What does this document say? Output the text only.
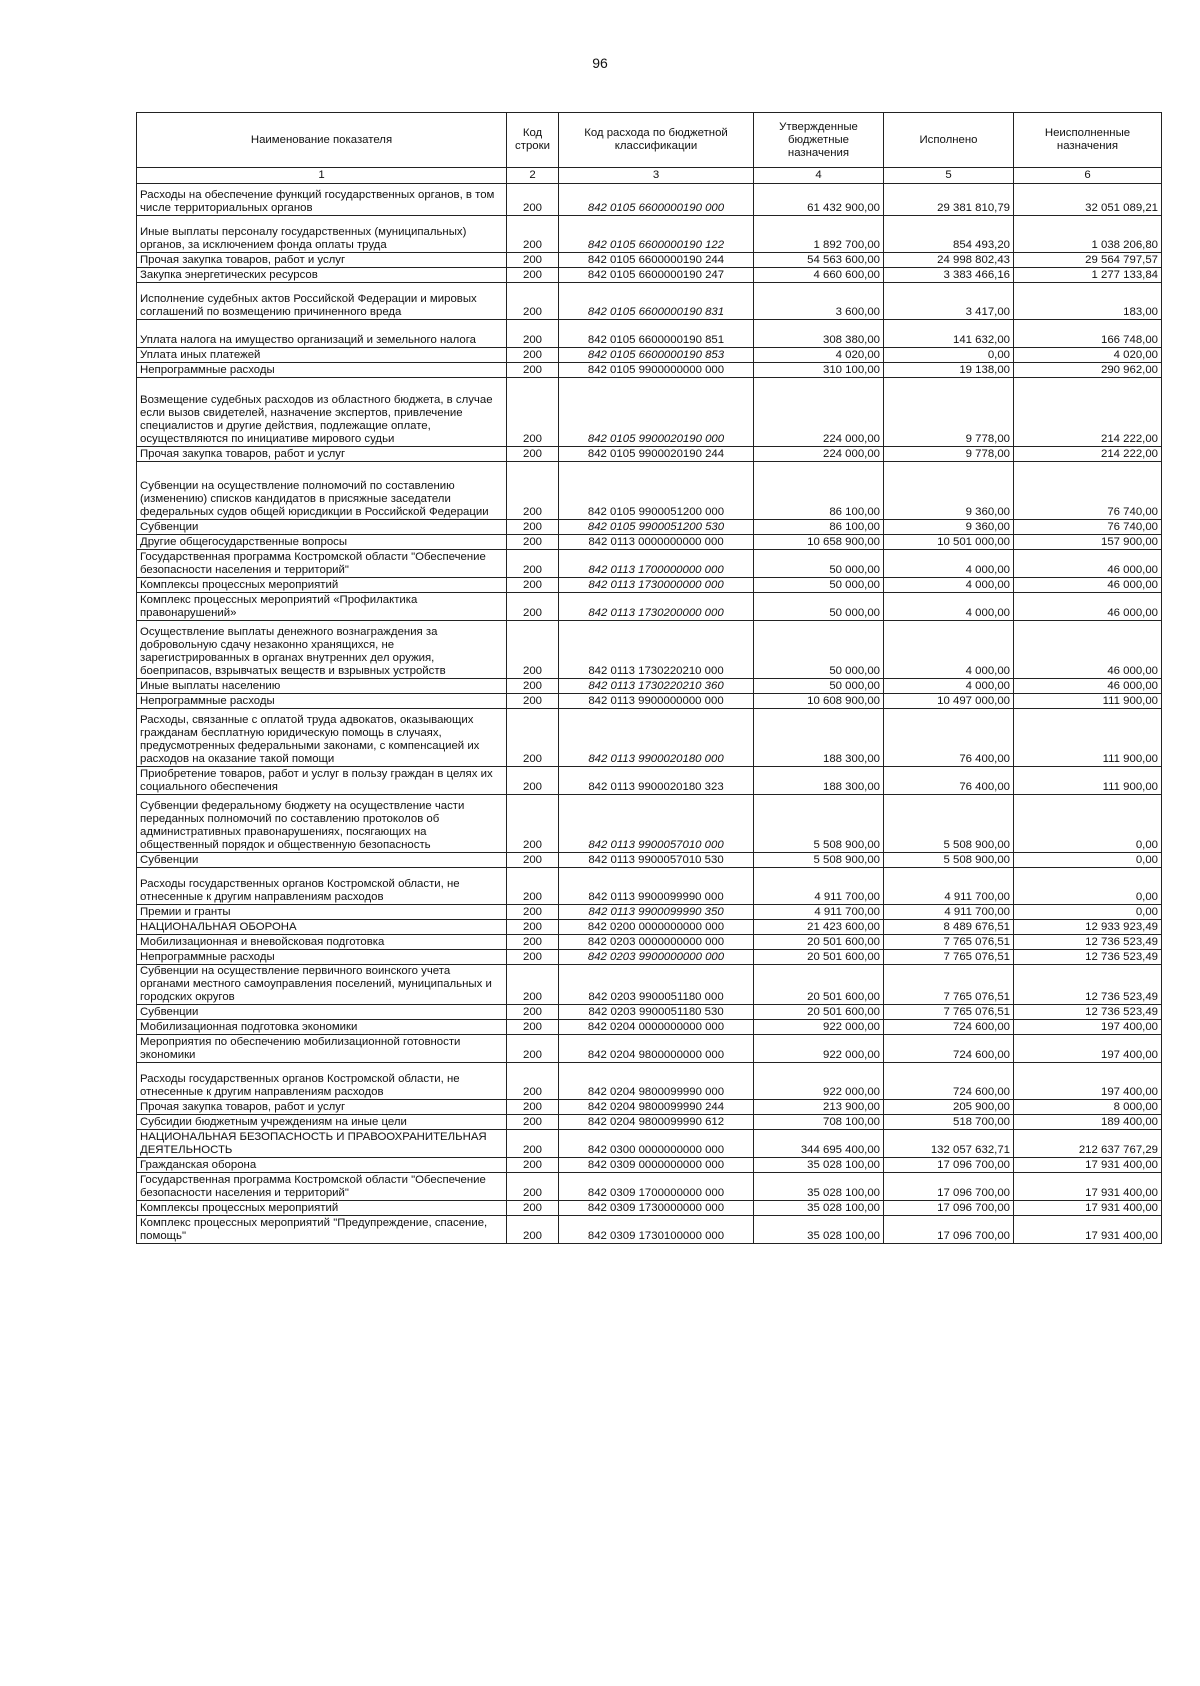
96
Наименование показателя	Код строки	Код расхода по бюджетной классификации	Утвержденные бюджетные назначения	Исполнено	Неисполненные назначения
1	2	3	4	5	6
Расходы на обеспечение функций государственных органов, в том числе территориальных органов	200	842 0105 6600000190 000	61 432 900,00	29 381 810,79	32 051 089,21
Иные выплаты персоналу государственных (муниципальных) органов, за исключением фонда оплаты труда	200	842 0105 6600000190 122	1 892 700,00	854 493,20	1 038 206,80
Прочая закупка товаров, работ и услуг	200	842 0105 6600000190 244	54 563 600,00	24 998 802,43	29 564 797,57
Закупка энергетических ресурсов	200	842 0105 6600000190 247	4 660 600,00	3 383 466,16	1 277 133,84
Исполнение судебных актов Российской Федерации и мировых соглашений по возмещению причиненного вреда	200	842 0105 6600000190 831	3 600,00	3 417,00	183,00
Уплата налога на имущество организаций и земельного налога	200	842 0105 6600000190 851	308 380,00	141 632,00	166 748,00
Уплата иных платежей	200	842 0105 6600000190 853	4 020,00	0,00	4 020,00
Непрограммные расходы	200	842 0105 9900000000 000	310 100,00	19 138,00	290 962,00
Возмещение судебных расходов из областного бюджета, в случае если вызов свидетелей, назначение экспертов, привлечение специалистов и другие действия, подлежащие оплате, осуществляются по инициативе мирового судьи	200	842 0105 9900020190 000	224 000,00	9 778,00	214 222,00
Прочая закупка товаров, работ и услуг	200	842 0105 9900020190 244	224 000,00	9 778,00	214 222,00
Субвенции на осуществление полномочий по составлению (изменению) списков кандидатов в присяжные заседатели федеральных судов общей юрисдикции в Российской Федерации	200	842 0105 9900051200 000	86 100,00	9 360,00	76 740,00
Субвенции	200	842 0105 9900051200 530	86 100,00	9 360,00	76 740,00
Другие общегосударственные вопросы	200	842 0113 0000000000 000	10 658 900,00	10 501 000,00	157 900,00
Государственная программа Костромской области "Обеспечение безопасности населения и территорий"	200	842 0113 1700000000 000	50 000,00	4 000,00	46 000,00
Комплексы процессных мероприятий	200	842 0113 1730000000 000	50 000,00	4 000,00	46 000,00
Комплекс процессных мероприятий «Профилактика правонарушений»	200	842 0113 1730200000 000	50 000,00	4 000,00	46 000,00
Осуществление выплаты денежного вознаграждения за добровольную сдачу незаконно хранящихся, не зарегистрированных в органах внутренних дел оружия, боеприпасов, взрывчатых веществ и взрывных устройств	200	842 0113 1730220210 000	50 000,00	4 000,00	46 000,00
Иные выплаты населению	200	842 0113 1730220210 360	50 000,00	4 000,00	46 000,00
Непрограммные расходы	200	842 0113 9900000000 000	10 608 900,00	10 497 000,00	111 900,00
Расходы, связанные с оплатой труда адвокатов, оказывающих гражданам бесплатную юридическую помощь в случаях, предусмотренных федеральными законами, с компенсацией их расходов на оказание такой помощи	200	842 0113 9900020180 000	188 300,00	76 400,00	111 900,00
Приобретение товаров, работ и услуг в пользу граждан в целях их социального обеспечения	200	842 0113 9900020180 323	188 300,00	76 400,00	111 900,00
Субвенции федеральному бюджету на осуществление части переданных полномочий по составлению протоколов об административных правонарушениях, посягающих на общественный порядок и общественную безопасность	200	842 0113 9900057010 000	5 508 900,00	5 508 900,00	0,00
Субвенции	200	842 0113 9900057010 530	5 508 900,00	5 508 900,00	0,00
Расходы государственных органов Костромской области, не отнесенные к другим направлениям расходов	200	842 0113 9900099990 000	4 911 700,00	4 911 700,00	0,00
Премии и гранты	200	842 0113 9900099990 350	4 911 700,00	4 911 700,00	0,00
НАЦИОНАЛЬНАЯ ОБОРОНА	200	842 0200 0000000000 000	21 423 600,00	8 489 676,51	12 933 923,49
Мобилизационная и вневойсковая подготовка	200	842 0203 0000000000 000	20 501 600,00	7 765 076,51	12 736 523,49
Непрограммные расходы	200	842 0203 9900000000 000	20 501 600,00	7 765 076,51	12 736 523,49
Субвенции на осуществление первичного воинского учета органами местного самоуправления поселений, муниципальных и городских округов	200	842 0203 9900051180 000	20 501 600,00	7 765 076,51	12 736 523,49
Субвенции	200	842 0203 9900051180 530	20 501 600,00	7 765 076,51	12 736 523,49
Мобилизационная подготовка экономики	200	842 0204 0000000000 000	922 000,00	724 600,00	197 400,00
Мероприятия по обеспечению мобилизационной готовности экономики	200	842 0204 9800000000 000	922 000,00	724 600,00	197 400,00
Расходы государственных органов Костромской области, не отнесенные к другим направлениям расходов	200	842 0204 9800099990 000	922 000,00	724 600,00	197 400,00
Прочая закупка товаров, работ и услуг	200	842 0204 9800099990 244	213 900,00	205 900,00	8 000,00
Субсидии бюджетным учреждениям на иные цели	200	842 0204 9800099990 612	708 100,00	518 700,00	189 400,00
НАЦИОНАЛЬНАЯ БЕЗОПАСНОСТЬ И ПРАВООХРАНИТЕЛЬНАЯ ДЕЯТЕЛЬНОСТЬ	200	842 0300 0000000000 000	344 695 400,00	132 057 632,71	212 637 767,29
Гражданская оборона	200	842 0309 0000000000 000	35 028 100,00	17 096 700,00	17 931 400,00
Государственная программа Костромской области "Обеспечение безопасности населения и территорий"	200	842 0309 1700000000 000	35 028 100,00	17 096 700,00	17 931 400,00
Комплексы процессных мероприятий	200	842 0309 1730000000 000	35 028 100,00	17 096 700,00	17 931 400,00
Комплекс процессных мероприятий "Предупреждение, спасение, помощь"	200	842 0309 1730100000 000	35 028 100,00	17 096 700,00	17 931 400,00
